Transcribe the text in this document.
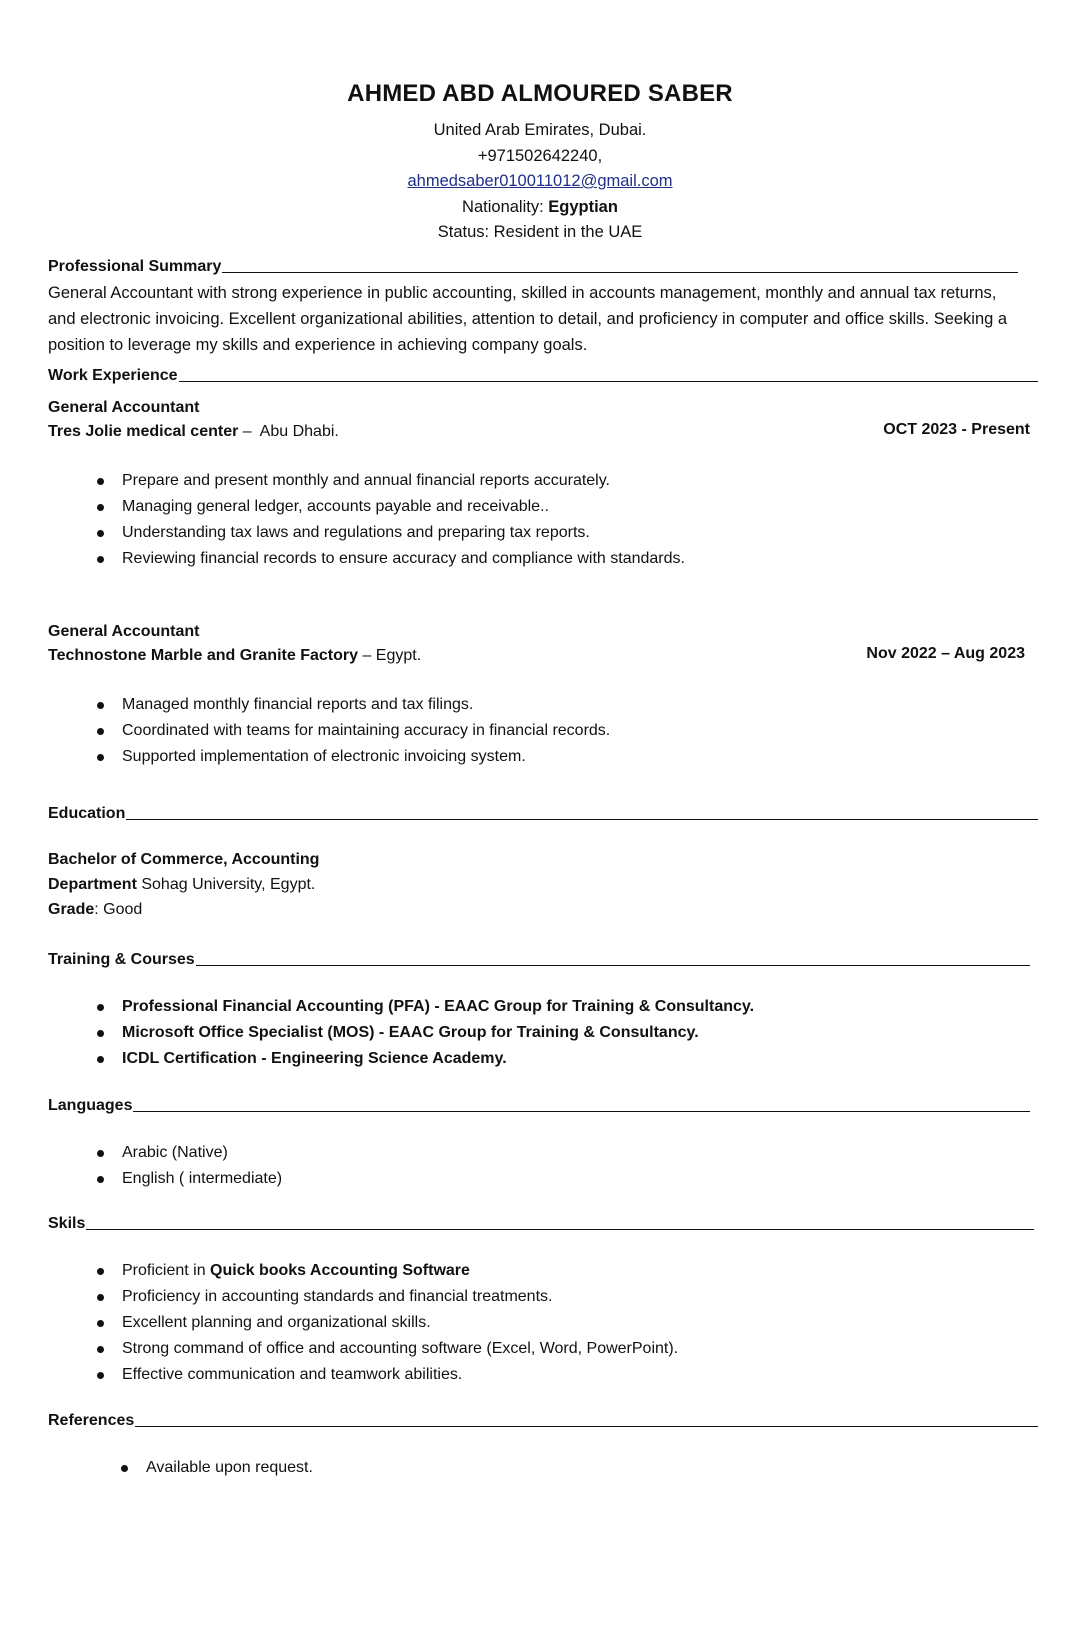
AHMED ABD ALMOURED SABER
United Arab Emirates, Dubai.
+971502642240,
ahmedsaber010011012@gmail.com
Nationality: Egyptian
Status: Resident in the UAE
Professional Summary
General Accountant with strong experience in public accounting, skilled in accounts management, monthly and annual tax returns, and electronic invoicing. Excellent organizational abilities, attention to detail, and proficiency in computer and office skills. Seeking a position to leverage my skills and experience in achieving company goals.
Work Experience
General Accountant
Tres Jolie medical center –  Abu Dhabi.	OCT 2023 - Present
Prepare and present monthly and annual financial reports accurately.
Managing general ledger, accounts payable and receivable..
Understanding tax laws and regulations and preparing tax reports.
Reviewing financial records to ensure accuracy and compliance with standards.
General Accountant
Technostone Marble and Granite Factory – Egypt.	Nov 2022 – Aug 2023
Managed monthly financial reports and tax filings.
Coordinated with teams for maintaining accuracy in financial records.
Supported implementation of electronic invoicing system.
Education
Bachelor of Commerce, Accounting
Department Sohag University, Egypt.
Grade: Good
Training & Courses
Professional Financial Accounting (PFA) - EAAC Group for Training & Consultancy.
Microsoft Office Specialist (MOS) - EAAC Group for Training & Consultancy.
ICDL Certification - Engineering Science Academy.
Languages
Arabic (Native)
English ( intermediate)
Skils
Proficient in Quick books Accounting Software
Proficiency in accounting standards and financial treatments.
Excellent planning and organizational skills.
Strong command of office and accounting software (Excel, Word, PowerPoint).
Effective communication and teamwork abilities.
References
Available upon request.
